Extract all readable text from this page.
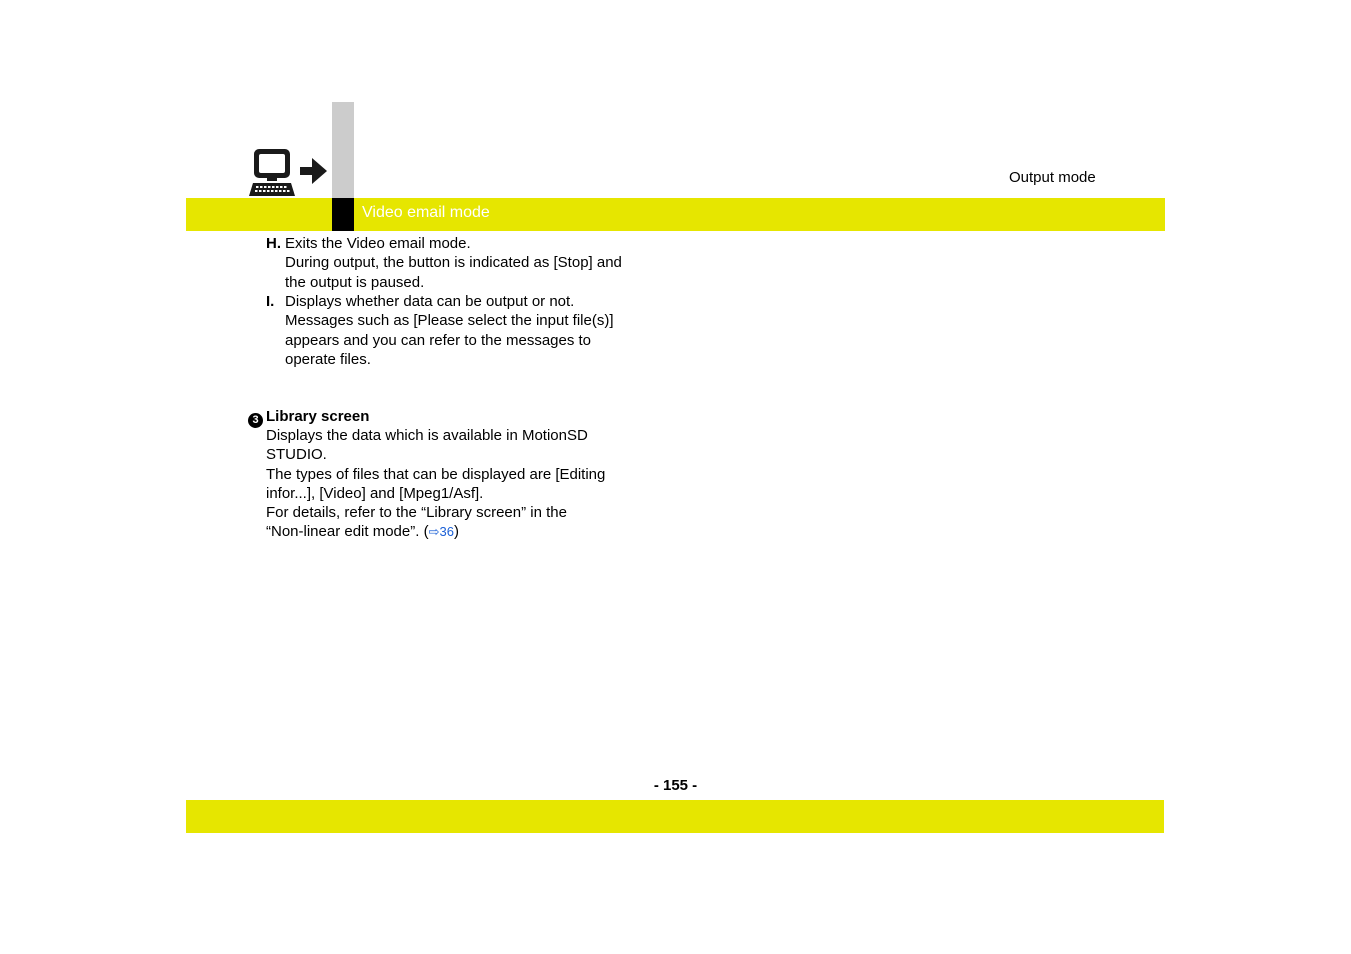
Video email mode
Output mode
H. Exits the Video email mode.
During output, the button is indicated as [Stop] and
the output is paused.
I. Displays whether data can be output or not.
Messages such as [Please select the input file(s)]
appears and you can refer to the messages to
operate files.
3 Library screen

Displays the data which is available in MotionSD

STUDIO.

The types of files that can be displayed are [Editing

infor...], [Video] and [Mpeg1/Asf].

For details, refer to the “Library screen” in the

“Non-linear edit mode”. (⇨36)

- 155 -
